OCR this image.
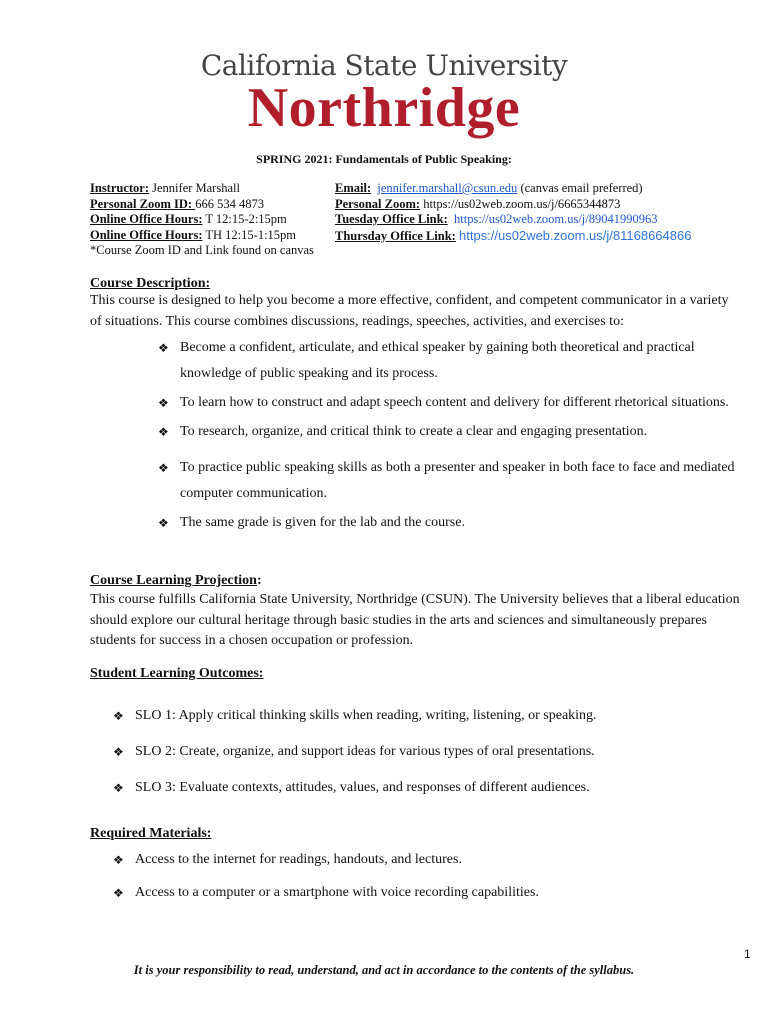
California State University
Northridge
SPRING 2021: Fundamentals of Public Speaking:
Instructor: Jennifer Marshall
Personal Zoom ID: 666 534 4873
Online Office Hours: T 12:15-2:15pm
Online Office Hours: TH 12:15-1:15pm
*Course Zoom ID and Link found on canvas
Email: jennifer.marshall@csun.edu (canvas email preferred)
Personal Zoom: https://us02web.zoom.us/j/6665344873
Tuesday Office Link: https://us02web.zoom.us/j/89041990963
Thursday Office Link: https://us02web.zoom.us/j/81168664866
Course Description:
This course is designed to help you become a more effective, confident, and competent communicator in a variety of situations. This course combines discussions, readings, speeches, activities, and exercises to:
❖ Become a confident, articulate, and ethical speaker by gaining both theoretical and practical knowledge of public speaking and its process.
❖ To learn how to construct and adapt speech content and delivery for different rhetorical situations.
❖ To research, organize, and critical think to create a clear and engaging presentation.
❖ To practice public speaking skills as both a presenter and speaker in both face to face and mediated computer communication.
❖ The same grade is given for the lab and the course.
Course Learning Projection:
This course fulfills California State University, Northridge (CSUN). The University believes that a liberal education should explore our cultural heritage through basic studies in the arts and sciences and simultaneously prepares students for success in a chosen occupation or profession.
Student Learning Outcomes:
❖ SLO 1: Apply critical thinking skills when reading, writing, listening, or speaking.
❖ SLO 2: Create, organize, and support ideas for various types of oral presentations.
❖ SLO 3: Evaluate contexts, attitudes, values, and responses of different audiences.
Required Materials:
❖ Access to the internet for readings, handouts, and lectures.
❖ Access to a computer or a smartphone with voice recording capabilities.
1
It is your responsibility to read, understand, and act in accordance to the contents of the syllabus.
